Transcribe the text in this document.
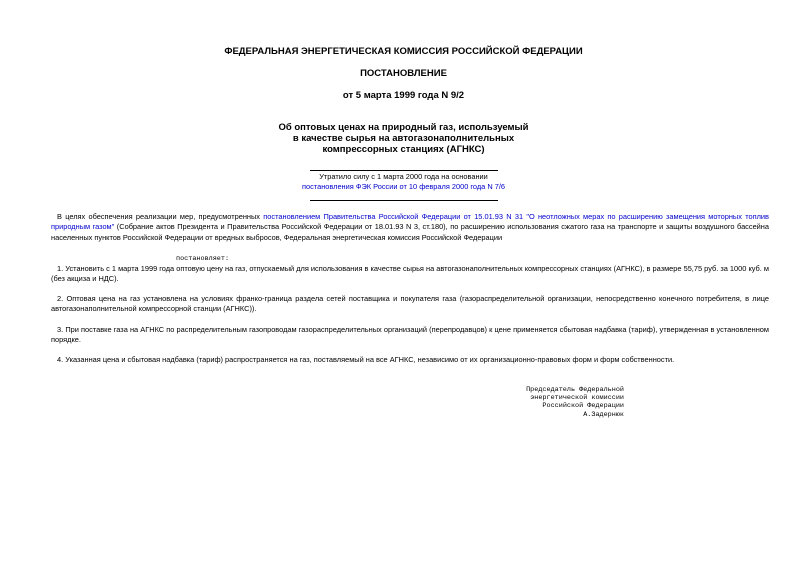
ФЕДЕРАЛЬНАЯ ЭНЕРГЕТИЧЕСКАЯ КОМИССИЯ РОССИЙСКОЙ ФЕДЕРАЦИИ
ПОСТАНОВЛЕНИЕ
от 5 марта 1999 года N 9/2
Об оптовых ценах на природный газ, используемый
в качестве сырья на автогазонаполнительных
компрессорных станциях (АГНКС)
Утратило силу с 1 марта 2000 года на основании
постановления ФЭК России от 10 февраля 2000 года N 7/6
В целях обеспечения реализации мер, предусмотренных постановлением Правительства Российской Федерации от 15.01.93 N 31 "О неотложных мерах по расширению замещения моторных топлив природным газом" (Собрание актов Президента и Правительства Российской Федерации от 18.01.93 N 3, ст.180), по расширению использования сжатого газа на транспорте и защиты воздушного бассейна населенных пунктов Российской Федерации от вредных выбросов, Федеральная энергетическая комиссия Российской Федерации
постановляет:
1. Установить с 1 марта 1999 года оптовую цену на газ, отпускаемый для использования в качестве сырья на автогазонаполнительных компрессорных станциях (АГНКС), в размере 55,75 руб. за 1000 куб. м (без акциза и НДС).
2. Оптовая цена на газ установлена на условиях франко-граница раздела сетей поставщика и покупателя газа (газораспределительной организации, непосредственно конечного потребителя, в лице автогазонаполнительной компрессорной станции (АГНКС)).
3. При поставке газа на АГНКС по распределительным газопроводам газораспределительных организаций (перепродавцов) к цене применяется сбытовая надбавка (тариф), утвержденная в установленном порядке.
4. Указанная цена и сбытовая надбавка (тариф) распространяется на газ, поставляемый на все АГНКС, независимо от их организационно-правовых форм и форм собственности.
Председатель Федеральной
энергетической комиссии
Российской Федерации
А.Задернюк
